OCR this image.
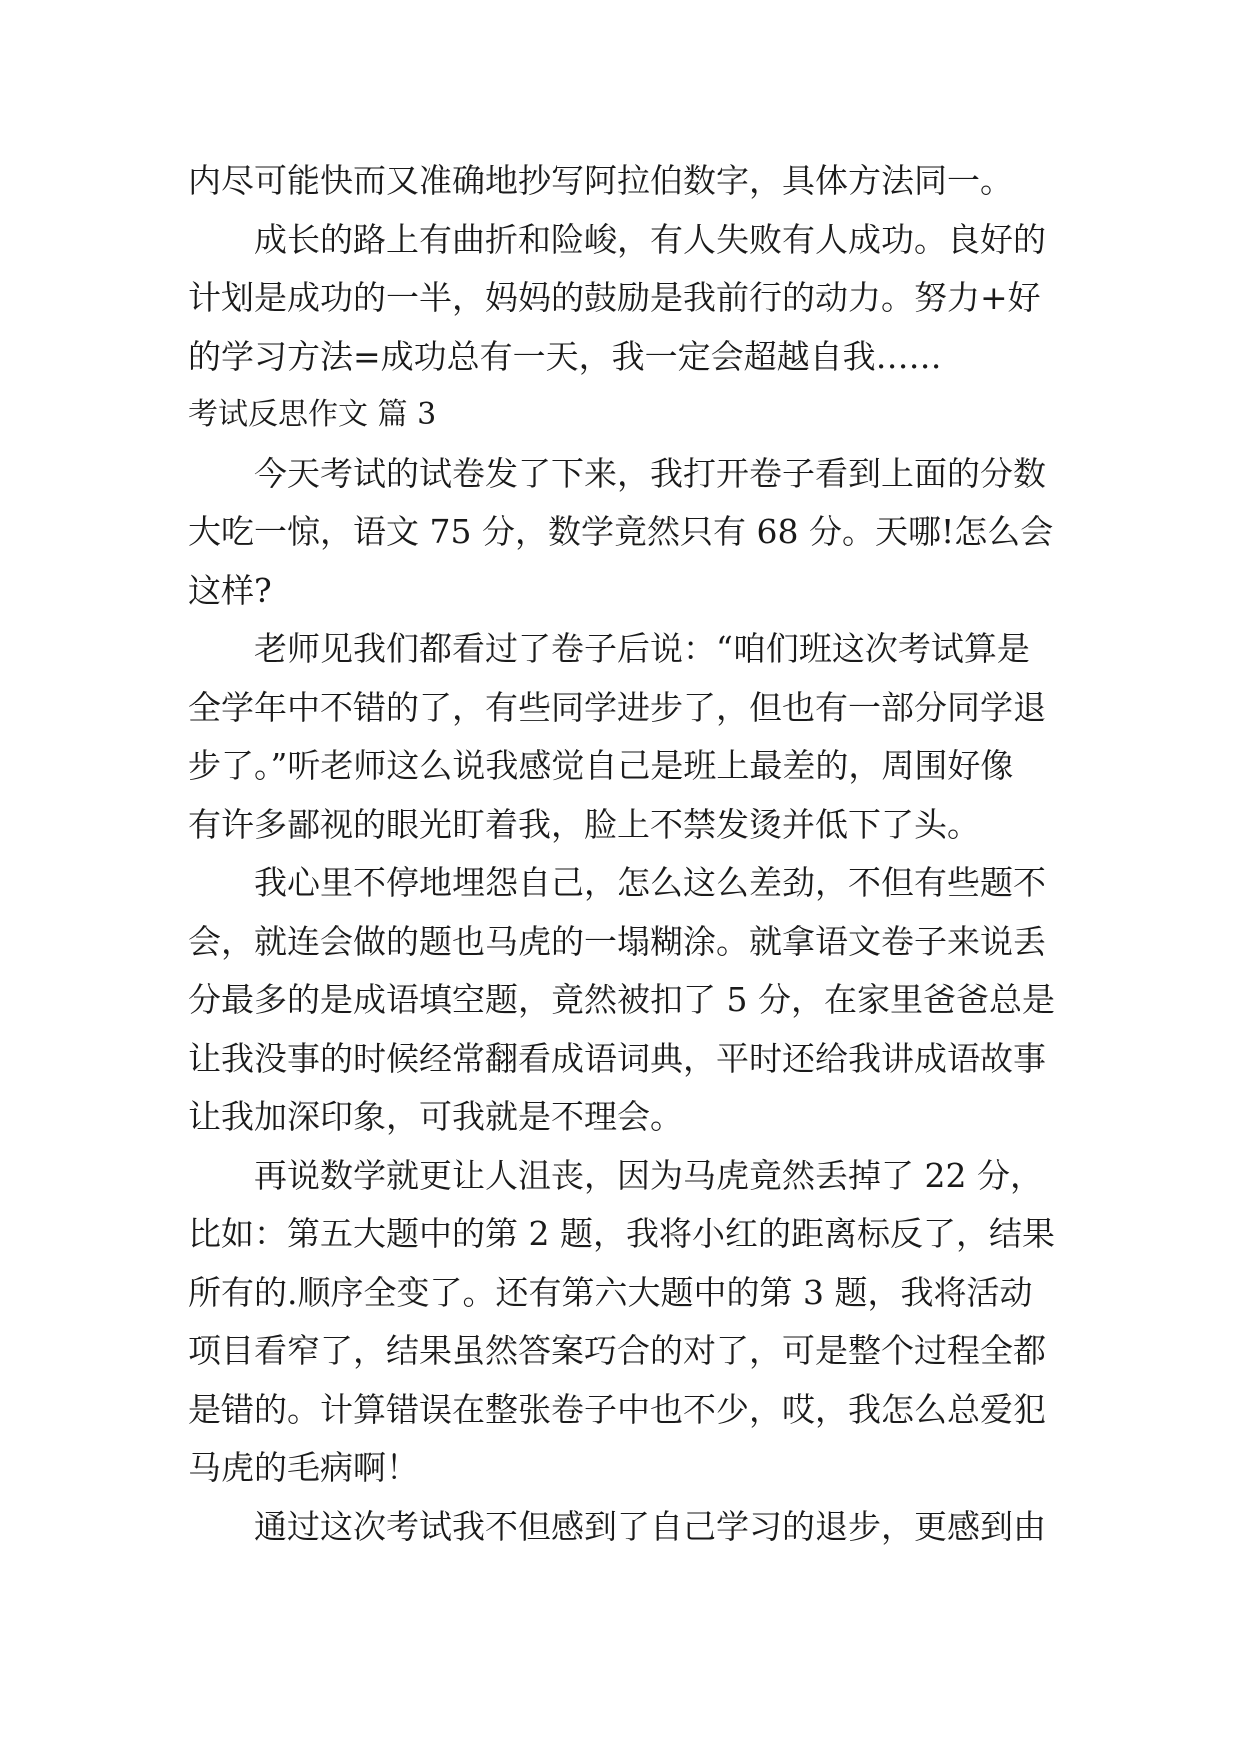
内尽可能快而又准确地抄写阿拉伯数字，具体方法同一。
成长的路上有曲折和险峻，有人失败有人成功。良好的
计划是成功的一半，妈妈的鼓励是我前行的动力。努力+好
的学习方法=成功总有一天，我一定会超越自我……
考试反思作文 篇 3
今天考试的试卷发了下来，我打开卷子看到上面的分数
大吃一惊，语文 75 分，数学竟然只有 68 分。天哪!怎么会
这样?
老师见我们都看过了卷子后说：“咱们班这次考试算是
全学年中不错的了，有些同学进步了，但也有一部分同学退
步了。”听老师这么说我感觉自己是班上最差的，周围好像
有许多鄙视的眼光盯着我，脸上不禁发烫并低下了头。
我心里不停地埋怨自己，怎么这么差劲，不但有些题不
会，就连会做的题也马虎的一塌糊涂。就拿语文卷子来说丢
分最多的是成语填空题，竟然被扣了 5 分，在家里爸爸总是
让我没事的时候经常翻看成语词典，平时还给我讲成语故事
让我加深印象，可我就是不理会。
再说数学就更让人沮丧，因为马虎竟然丢掉了 22 分，
比如：第五大题中的第 2 题，我将小红的距离标反了，结果
所有的.顺序全变了。还有第六大题中的第 3 题，我将活动
项目看窄了，结果虽然答案巧合的对了，可是整个过程全都
是错的。计算错误在整张卷子中也不少，哎，我怎么总爱犯
马虎的毛病啊！
通过这次考试我不但感到了自己学习的退步，更感到由
